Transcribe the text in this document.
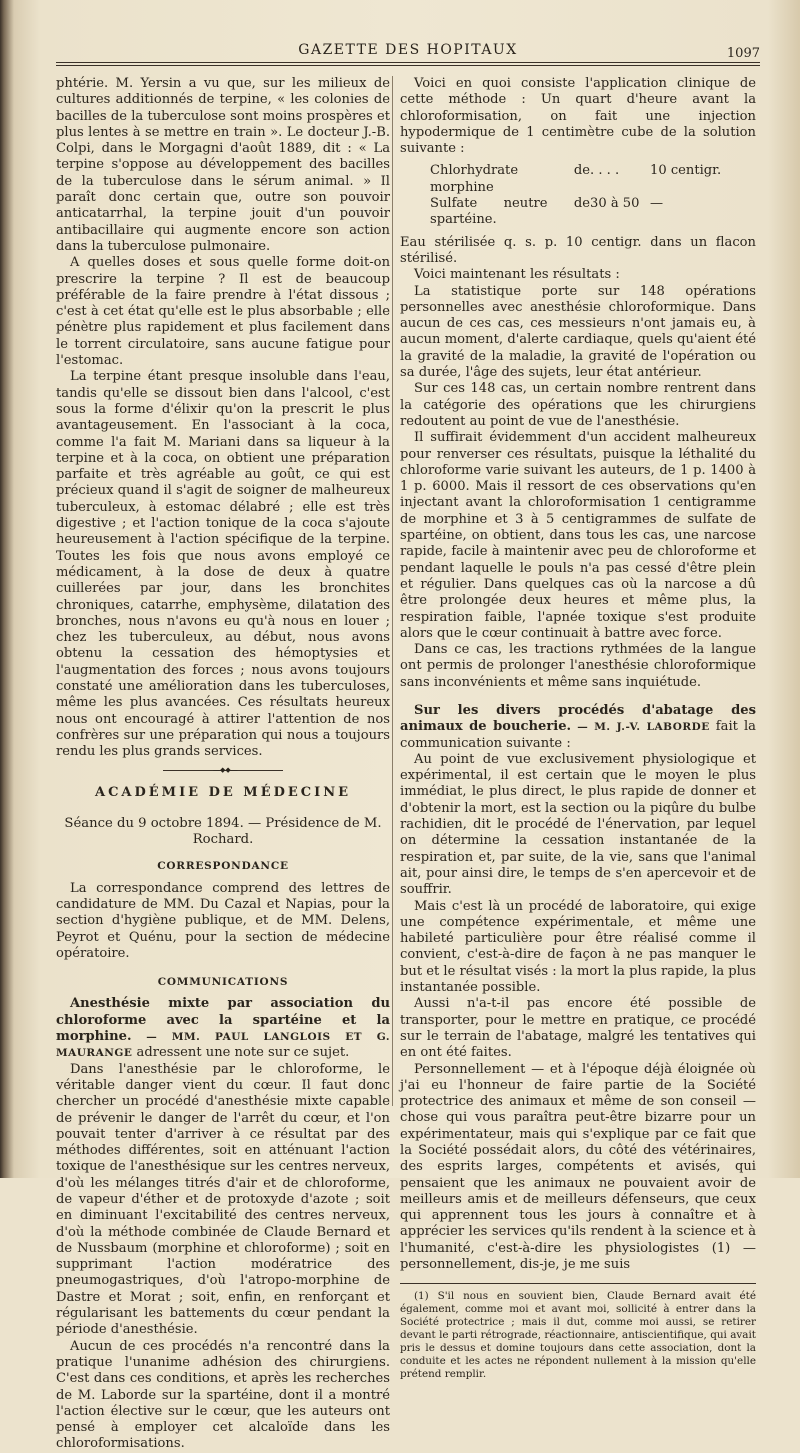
GAZETTE DES HOPITAUX	1097

phtérie. M. Yersin a vu que, sur les milieux de cultures additionnés de terpine, « les colonies de bacilles de la tuberculose sont moins prospères et plus lentes à se mettre en train ». Le docteur J.-B. Colpi, dans le Morgagni d'août 1889, dit : « La terpine s'oppose au développement des bacilles de la tuberculose dans le sérum animal. » Il paraît donc certain que, outre son pouvoir anticatarrhal, la terpine jouit d'un pouvoir antibacillaire qui augmente encore son action dans la tuberculose pulmonaire.

A quelles doses et sous quelle forme doit-on prescrire la terpine ? Il est de beaucoup préférable de la faire prendre à l'état dissous ; c'est à cet état qu'elle est le plus absorbable ; elle pénètre plus rapidement et plus facilement dans le torrent circulatoire, sans aucune fatigue pour l'estomac.

La terpine étant presque insoluble dans l'eau, tandis qu'elle se dissout bien dans l'alcool, c'est sous la forme d'élixir qu'on la prescrit le plus avantageusement. En l'associant à la coca, comme l'a fait M. Mariani dans sa liqueur à la terpine et à la coca, on obtient une préparation parfaite et très agréable au goût, ce qui est précieux quand il s'agit de soigner de malheureux tuberculeux, à estomac délabré ; elle est très digestive ; et l'action tonique de la coca s'ajoute heureusement à l'action spécifique de la terpine. Toutes les fois que nous avons employé ce médicament, à la dose de deux à quatre cuillerées par jour, dans les bronchites chroniques, catarrhe, emphysème, dilatation des bronches, nous n'avons eu qu'à nous en louer ; chez les tuberculeux, au début, nous avons obtenu la cessation des hémoptysies et l'augmentation des forces ; nous avons toujours constaté une amélioration dans les tuberculoses, même les plus avancées. Ces résultats heureux nous ont encouragé à attirer l'attention de nos confrères sur une préparation qui nous a toujours rendu les plus grands services.

—◆◆—
ACADÉMIE DE MÉDECINE
Séance du 9 octobre 1894. — Présidence de M. Rochard.
CORRESPONDANCE

La correspondance comprend des lettres de candidature de MM. Du Cazal et Napias, pour la section d'hygiène publique, et de MM. Delens, Peyrot et Quénu, pour la section de médecine opératoire.

COMMUNICATIONS

Anesthésie mixte par association du chloroforme avec la spartéine et la morphine. — MM. PAUL LANGLOIS ET G. MAURANGE adressent une note sur ce sujet.

Dans l'anesthésie par le chloroforme, le véritable danger vient du cœur. Il faut donc chercher un procédé d'anesthésie mixte capable de prévenir le danger de l'arrêt du cœur, et l'on pouvait tenter d'arriver à ce résultat par des méthodes différentes, soit en atténuant l'action toxique de l'anesthésique sur les centres nerveux, d'où les mélanges titrés d'air et de chloroforme, de vapeur d'éther et de protoxyde d'azote ; soit en diminuant l'excitabilité des centres nerveux, d'où la méthode combinée de Claude Bernard et de Nussbaum (morphine et chloroforme) ; soit en supprimant l'action modératrice des pneumogastriques, d'où l'atropo-morphine de Dastre et Morat ; soit, enfin, en renforçant et régularisant les battements du cœur pendant la période d'anesthésie.

Aucun de ces procédés n'a rencontré dans la pratique l'unanime adhésion des chirurgiens. C'est dans ces conditions, et après les recherches de M. Laborde sur la spartéine, dont il a montré l'action élective sur le cœur, que les auteurs ont pensé à employer cet alcaloïde dans les chloroformisations.

Voici en quoi consiste l'application clinique de cette méthode : Un quart d'heure avant la chloroformisation, on fait une injection hypodermique de 1 centimètre cube de la solution suivante :

Chlorhydrate de morphine
. . . .	10 centigr.
Sulfate neutre de spartéine.
30 à 50 —

Eau stérilisée q. s. p. 10 centigr. dans un flacon stérilisé.

Voici maintenant les résultats :

La statistique porte sur 148 opérations personnelles avec anesthésie chloroformique. Dans aucun de ces cas, ces messieurs n'ont jamais eu, à aucun moment, d'alerte cardiaque, quels qu'aient été la gravité de la maladie, la gravité de l'opération ou sa durée, l'âge des sujets, leur état antérieur.

Sur ces 148 cas, un certain nombre rentrent dans la catégorie des opérations que les chirurgiens redoutent au point de vue de l'anesthésie.

Il suffirait évidemment d'un accident malheureux pour renverser ces résultats, puisque la léthalité du chloroforme varie suivant les auteurs, de 1 p. 1400 à 1 p. 6000. Mais il ressort de ces observations qu'en injectant avant la chloroformisation 1 centigramme de morphine et 3 à 5 centigrammes de sulfate de spartéine, on obtient, dans tous les cas, une narcose rapide, facile à maintenir avec peu de chloroforme et pendant laquelle le pouls n'a pas cessé d'être plein et régulier. Dans quelques cas où la narcose a dû être prolongée deux heures et même plus, la respiration faible, l'apnée toxique s'est produite alors que le cœur continuait à battre avec force.

Dans ce cas, les tractions rythmées de la langue ont permis de prolonger l'anesthésie chloroformique sans inconvénients et même sans inquiétude.

Sur les divers procédés d'abatage des animaux de boucherie. — M. J.-V. LABORDE fait la communication suivante :

Au point de vue exclusivement physiologique et expérimental, il est certain que le moyen le plus immédiat, le plus direct, le plus rapide de donner et d'obtenir la mort, est la section ou la piqûre du bulbe rachidien, dit le procédé de l'énervation, par lequel on détermine la cessation instantanée de la respiration et, par suite, de la vie, sans que l'animal ait, pour ainsi dire, le temps de s'en apercevoir et de souffrir.

Mais c'est là un procédé de laboratoire, qui exige une compétence expérimentale, et même une habileté particulière pour être réalisé comme il convient, c'est-à-dire de façon à ne pas manquer le but et le résultat visés : la mort la plus rapide, la plus instantanée possible.

Aussi n'a-t-il pas encore été possible de transporter, pour le mettre en pratique, ce procédé sur le terrain de l'abatage, malgré les tentatives qui en ont été faites.

Personnellement — et à l'époque déjà éloignée où j'ai eu l'honneur de faire partie de la Société protectrice des animaux et même de son conseil — chose qui vous paraîtra peut-être bizarre pour un expérimentateur, mais qui s'explique par ce fait que la Société possédait alors, du côté des vétérinaires, des esprits larges, compétents et avisés, qui pensaient que les animaux ne pouvaient avoir de meilleurs amis et de meilleurs défenseurs, que ceux qui apprennent tous les jours à connaître et à apprécier les services qu'ils rendent à la science et à l'humanité, c'est-à-dire les physiologistes (1) — personnellement, dis-je, je me suis

(1) S'il nous en souvient bien, Claude Bernard avait été également, comme moi et avant moi, sollicité à entrer dans la Société protectrice ; mais il dut, comme moi aussi, se retirer devant le parti rétrograde, réactionnaire, antiscientifique, qui avait pris le dessus et domine toujours dans cette association, dont la conduite et les actes ne répondent nullement à la mission qu'elle prétend remplir.
